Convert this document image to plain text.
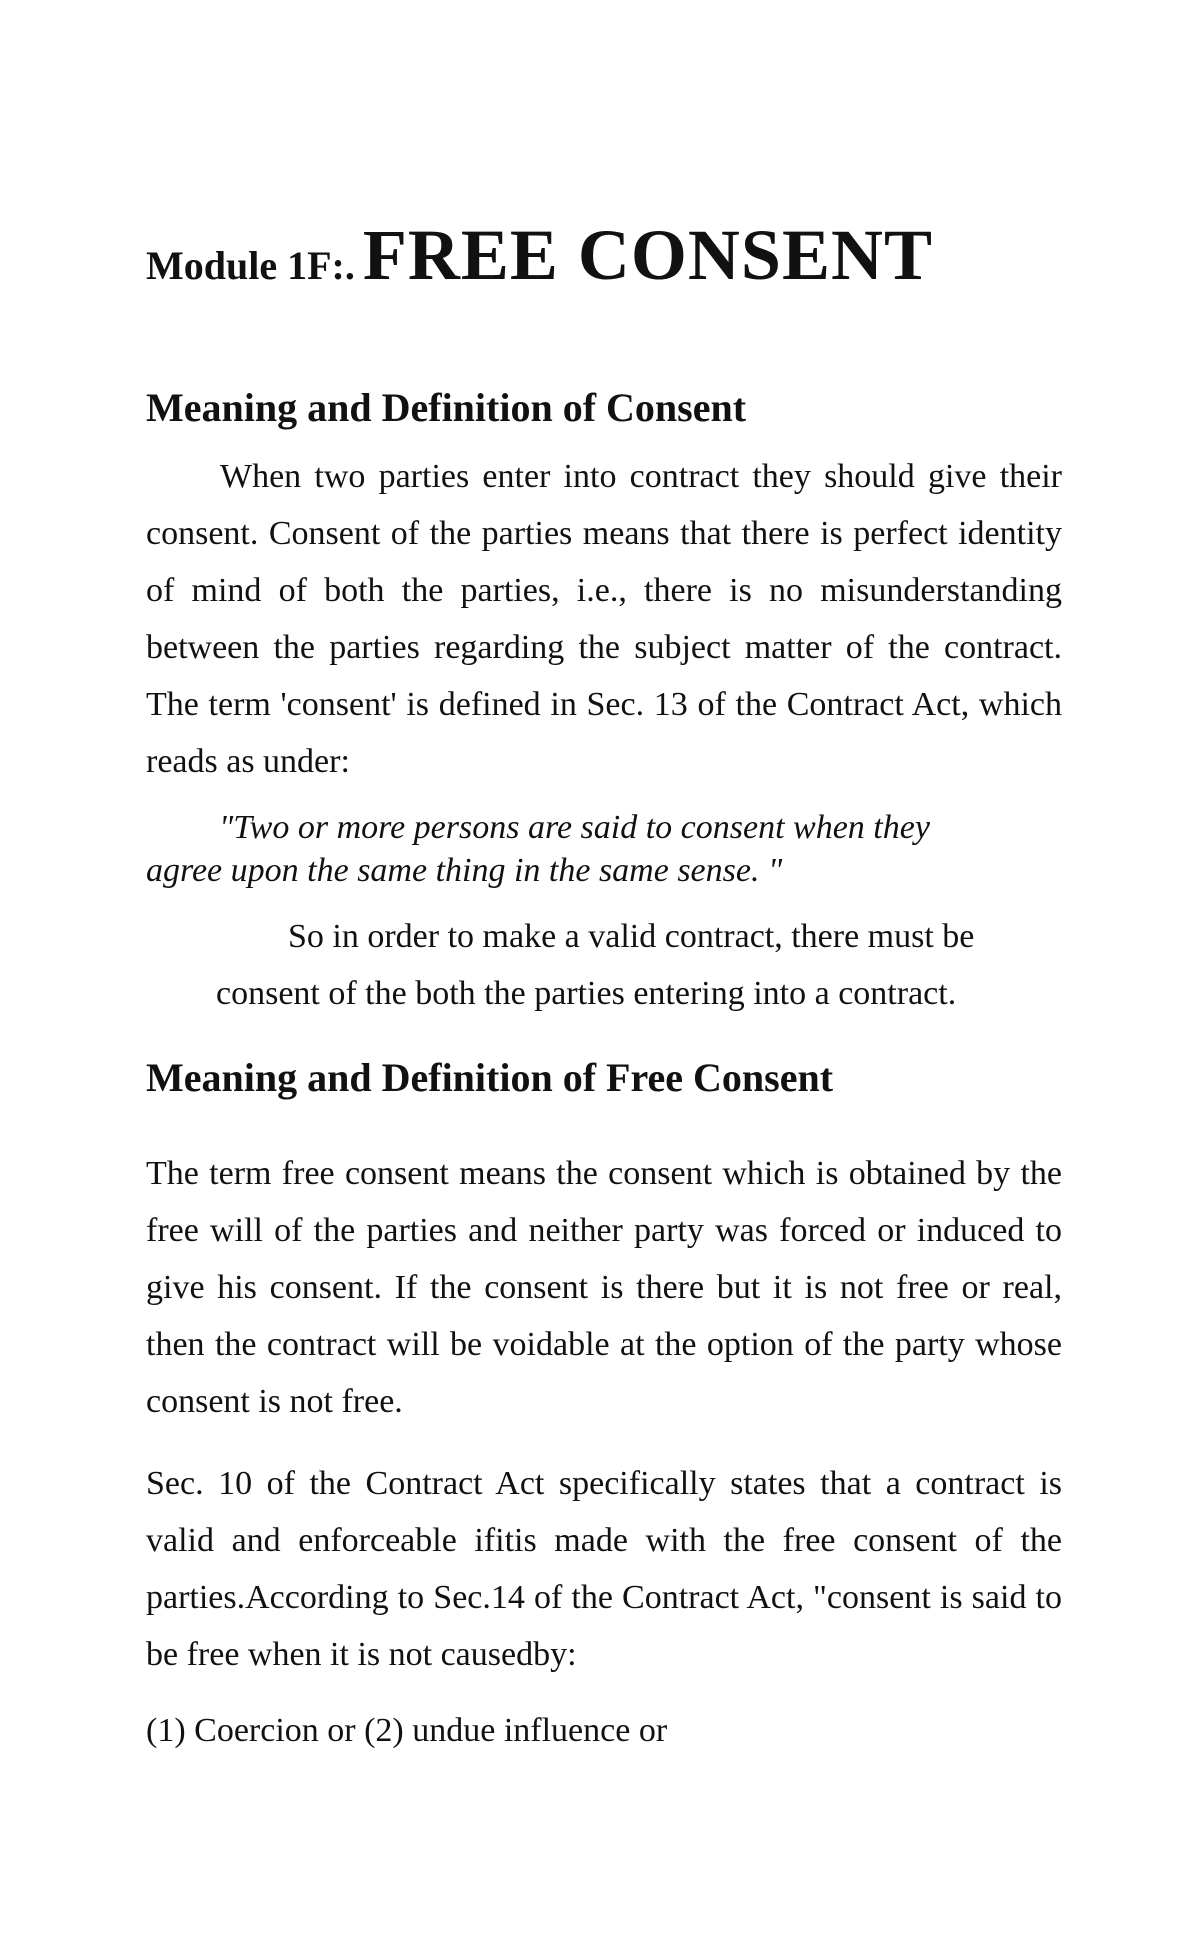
Module 1F:. FREE CONSENT
Meaning and Definition of Consent

When two parties enter into contract they should give their consent. Consent of the parties means that there is perfect identity of mind of both the parties, i.e., there is no misunderstanding between the parties regarding the subject matter of the contract. The term 'consent' is defined in Sec. 13 of the Contract Act, which reads as under:

"Two or more persons are said to consent when they agree upon the same thing in the same sense. "

So in order to make a valid contract, there must be consent of the both the parties entering into a contract.

Meaning and Definition of Free Consent

The term free consent means the consent which is obtained by the free will of the parties and neither party was forced or induced to give his consent. If the consent is there but it is not free or real, then the contract will be voidable at the option of the party whose consent is not free.

Sec. 10 of the Contract Act specifically states that a contract is valid and enforceable ifitis made with the free consent of the parties.According to Sec.14 of the Contract Act, "consent is said to be free when it is not causedby:

(1) Coercion or (2) undue influence or
